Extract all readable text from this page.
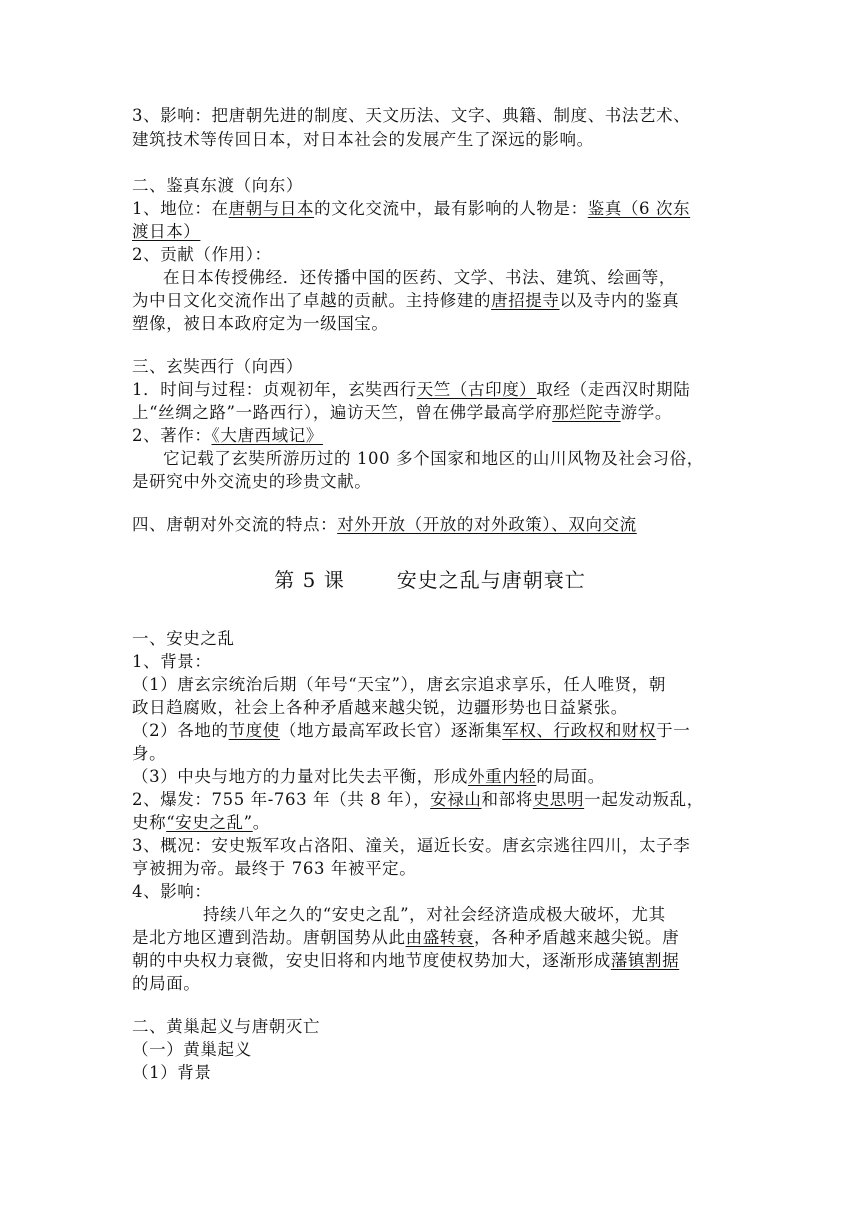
3、影响：把唐朝先进的制度、天文历法、文字、典籍、制度、书法艺术、
建筑技术等传回日本，对日本社会的发展产生了深远的影响。
二、鉴真东渡（向东）
1、地位：在唐朝与日本的文化交流中，最有影响的人物是：鉴真（6 次东
渡日本）
2、贡献（作用）：
在日本传授佛经．还传播中国的医药、文学、书法、建筑、绘画等，
为中日文化交流作出了卓越的贡献。主持修建的唐招提寺以及寺内的鉴真
塑像，被日本政府定为一级国宝。
三、玄奘西行（向西）
1．时间与过程：贞观初年，玄奘西行天竺（古印度）取经（走西汉时期陆
上“丝绸之路”一路西行），遍访天竺，曾在佛学最高学府那烂陀寺游学。
2、著作：《大唐西域记》
它记载了玄奘所游历过的 100 多个国家和地区的山川风物及社会习俗，
是研究中外交流史的珍贵文献。
四、唐朝对外交流的特点：对外开放（开放的对外政策）、双向交流
第 5 课	安史之乱与唐朝衰亡
一、安史之乱
1、背景：
（1）唐玄宗统治后期（年号“天宝”），唐玄宗追求享乐，任人唯贤，朝
政日趋腐败，社会上各种矛盾越来越尖锐，边疆形势也日益紧张。
（2）各地的节度使（地方最高军政长官）逐渐集军权、行政权和财权于一
身。
（3）中央与地方的力量对比失去平衡，形成外重内轻的局面。
2、爆发：755 年-763 年（共 8 年），安禄山和部将史思明一起发动叛乱，
史称“安史之乱”。
3、概况：安史叛军攻占洛阳、潼关，逼近长安。唐玄宗逃往四川，太子李
亨被拥为帝。最终于 763 年被平定。
4、影响：
持续八年之久的“安史之乱”，对社会经济造成极大破坏，尤其
是北方地区遭到浩劫。唐朝国势从此由盛转衰，各种矛盾越来越尖锐。唐
朝的中央权力衰微，安史旧将和内地节度使权势加大，逐渐形成藩镇割据
的局面。
二、黄巢起义与唐朝灭亡
（一）黄巢起义
（1）背景
